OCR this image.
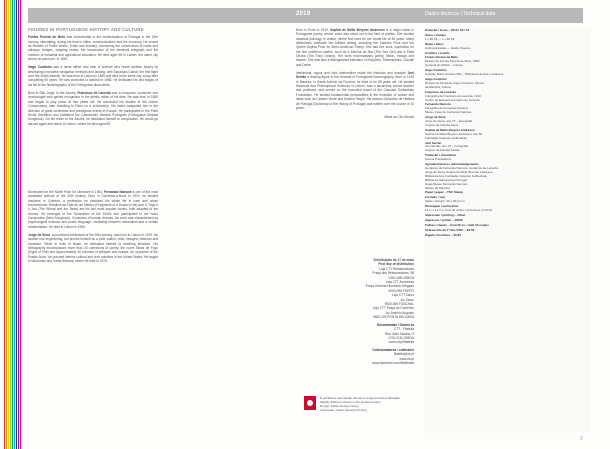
2019	Dados técnicos / Technical data
FIGURES IN PORTUGUESE HISTORY AND CULTURE

Fontes Pereira de Melo was instrumental in the modernisation of Portugal in the 19th century, stimulating, during his time in office, communications and the economy. He served as Minister of Public Works, Trade and Industry, overseeing the construction of roads and railways, bridges, shipping routes, the introduction of the electrical telegraph and the creation of industrial and agricultural education. He died aged 69 in Lisbon, the same city where he was born, in 1819.

Gago Coutinho was a naval officer and man of science who made aviation history by developing innovative navigation methods and landing, with Sacadura Cabral, the first flight over the South Atlantic. He was born in Lisbon in 1869 and died in the same city, a day after completing 90 years. He was promoted to admiral in 1958. He dedicated the last stages of his life to the historiography of the Portuguese discoveries.

Born in São Jorge, in the Azores, Francisco de Lacerda was a composer, conductor and musicologist who gained recognition in the artistic milieu of his time. He was born in 1869 and began to play piano at four years old. He concluded his studies at the Lisbon Conservatory, later travelling to Paris on a scholarship. His talent catapulted him in the direction of great orchestras and prestigious events in Europe. He participated in the Paris World Exhibition and published the Cancioneiro Musical Português (Portuguese Musical Songbook). On his return to the Azores, he dedicated himself to composition. He would go abroad again and return to Lisbon, where he died aged 65.

Nominated for the Nobel Prize for Literature in 1961, Fernando Namora is one of the most translated authors of the 20th century. Born in Condeixa-a-Nova in 1919, he studied medicine in Coimbra, a profession he practised his whole life in rural and urban environments. Retalhos da Vida de um Médico (Fragments of a Doctor's Life) and O Trigo e o Joio (The Wheat and the Tares) are his two most popular novels, both adapted to the movies. He belonged to the Generation of the 1940s and participated in the Novo Cancioneiro (New Songbook). Conscious of human dramas, his work was characterised by psychological richness and poetic language, oscillating between neorealism and a certain existentialism. He died in Lisbon in 1989.

Jorge de Sena, a prominent intellectual of the 20th century, was born in Lisbon in 1919. He studied civil engineering, but proved himself as a poet, author, critic, essayist, historian and translator. While in exile in Brazil, he dedicated himself to teaching literature. His bibliography encompasses more than 20 collections of poetry, the novel Sinais de Fogo (Signs of Fire) and approximately 40 volumes of critiques and essays. An opponent of the Estado Novo, he pursued intense cultural and civic activities in the United States. He taught in Wisconsin and Santa Barbara, where he died in 1978.

Born in Porto in 1919, Sophia de Mello Breyner Andresen is a major name in Portuguese poetry, whose voice also stood out in the field of politics. She studied classical philology in Lisbon, where she lived for her whole life of 84 years. Many distinctions celebrate her brilliant writing, including the Camões Prize and the Queen Sophia Prize for Ibero-American Poetry. She had five sons, inspiration for her first children's stories, such as A Menina do Mar (The Sea Girl) and A Fada Oriana (The Fairy Oriana). Her work encompasses poetry, fiction, essays and theatre. She was also a distinguished translator of Euripides, Shakespeare, Claudel and Dante.

Intellectual, vigour and civic intervention made the historian and essayist Joel Serrão a leading figure in the renewal of Portuguese historiography. Born in 1919 in Madeira, in Santa António da Funchal, he lived to be 89 years old. He studied Historical and Philosophical Sciences in Lisbon, was a secondary school teacher and professor, and served on the executive board of the Calouste Gulbenkian Foundation. He studied fundamental personalities in the evolution of culture and ideas such as Cesário Verde and António Sérgio. His famous Dicionário de História de Portugal (Dictionary of the History of Portugal) was written over the course of 10 years.

Maria do Céu Novais
Distribuição de 17 de maio
First day of distribution
Loja CTT Restauradores
Praça dos Restauradores, 58
1250-188 LISBOA
Loja CTT Amoreiras
Praça General Humberto Delgado
4000-098 PORTO
Loja CTT Zarco
Av. Zarco
9000-069 FUNCHAL
Loja CTT Praça do Comércio
Av. António Augusto
9500-109 PONTA DELGADA
Encomendas / Orders to
CTT - Filatelia
Rua João Saraiva, 9
1700-218 LISBOA
www.ctt.pt/filatelia
Colecionadores / collectors
filatelia@ctt.pt
www.ctt.pt
www.facebook.com/filateliactt
É proibida a reprodução parcial ou integral desta publicação
Slightly different colours in the printed version
Design: Atelier Design Group
Impressão: Cartor Security Printing
Emissão / Issue – 2019 / 03 / 19
Selos / stamps
1 x €0,53 — 1 x €0,53
Datas / dates
Andrea Estevão — Helder Soares
Créditos / credits
Fontes Pereira de Melo
Retrato de Fontes Pereira de Melo, 1880
Cortesia do MNAC – Lisboa
Gago Coutinho
Coleção Mário Novais 1931 – Biblioteca de Arte e Arquivos
Gago Coutinho
Retrato de Almirante Gago Coutinho, Museu
da Marinha, Lisboa
Francisco de Lacerda
Fotografia de Francisco de Lacerda, 1913
Centro de Estudos Francisco de Lacerda
Fernando Namora
Fotografia de Fernando Namora
Museu Casa de Fernando Namora
Jorge de Sena
Jorge de Sena, ano 70 – Fotografia
Arquivo da Família Sena
Sophia de Mello Breyner Andresen
Sophia de Mello Breyner Andresen, ano 60
Fundação Calouste Gulbenkian
Joel Serrão
Joel Serrão, ano 70 – Fotografia
Arquivo da Família Serrão
Tradução / translation
Kennis Translations
Agradecimentos / acknowledgements
Herdeiros de Fernando Namora; Herdeiros de Lacerda
Jorge de Sena; Sophia de Mello Breyner Andresen
Biblioteca Arte Fundação Calouste Gulbenkian
Biblioteca Nacional de Portugal
Casa-Museu Fernando Namora
Museu de Marinha
Papel / paper – TSC Stamp
Formato / size
Selos / stamps: 40 x 30,6 mm
Picotagem / perforation
12 ¼ x 12 ¼ e Cruz de Cristo / and Cross of Christ
Impressão / printing – offset
Impressor / printer – INCM
Folhas / sheets – Com 50 ex. / with 50 copies
Sobrescrito de 1º dia / FDC – €0,56
Pagela / brochure – €0,85
2
